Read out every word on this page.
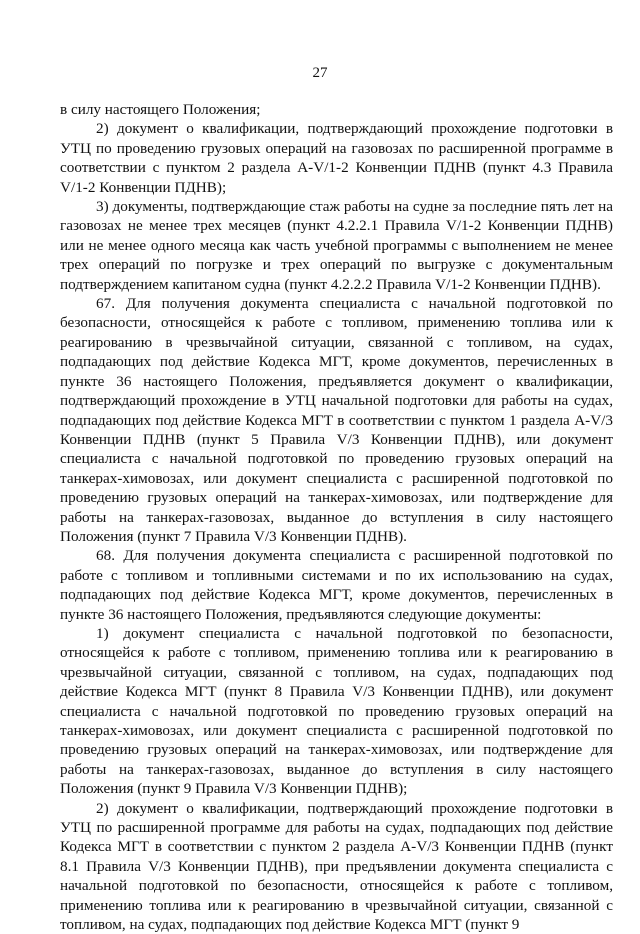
27

в силу настоящего Положения;

2) документ о квалификации, подтверждающий прохождение подготовки в УТЦ по проведению грузовых операций на газовозах по расширенной программе в соответствии с пунктом 2 раздела A-V/1-2 Конвенции ПДНВ (пункт 4.3 Правила V/1-2 Конвенции ПДНВ);

3) документы, подтверждающие стаж работы на судне за последние пять лет на газовозах не менее трех месяцев (пункт 4.2.2.1 Правила V/1-2 Конвенции ПДНВ) или не менее одного месяца как часть учебной программы с выполнением не менее трех операций по погрузке и трех операций по выгрузке с документальным подтверждением капитаном судна (пункт 4.2.2.2 Правила V/1-2 Конвенции ПДНВ).

67. Для получения документа специалиста с начальной подготовкой по безопасности, относящейся к работе с топливом, применению топлива или к реагированию в чрезвычайной ситуации, связанной с топливом, на судах, подпадающих под действие Кодекса МГТ, кроме документов, перечисленных в пункте 36 настоящего Положения, предъявляется документ о квалификации, подтверждающий прохождение в УТЦ начальной подготовки для работы на судах, подпадающих под действие Кодекса МГТ в соответствии с пунктом 1 раздела A-V/3 Конвенции ПДНВ (пункт 5 Правила V/3 Конвенции ПДНВ), или документ специалиста с начальной подготовкой по проведению грузовых операций на танкерах-химовозах, или документ специалиста с расширенной подготовкой по проведению грузовых операций на танкерах-химовозах, или подтверждение для работы на танкерах-газовозах, выданное до вступления в силу настоящего Положения (пункт 7 Правила V/3 Конвенции ПДНВ).

68. Для получения документа специалиста с расширенной подготовкой по работе с топливом и топливными системами и по их использованию на судах, подпадающих под действие Кодекса МГТ, кроме документов, перечисленных в пункте 36 настоящего Положения, предъявляются следующие документы:

1) документ специалиста с начальной подготовкой по безопасности, относящейся к работе с топливом, применению топлива или к реагированию в чрезвычайной ситуации, связанной с топливом, на судах, подпадающих под действие Кодекса МГТ (пункт 8 Правила V/3 Конвенции ПДНВ), или документ специалиста с начальной подготовкой по проведению грузовых операций на танкерах-химовозах, или документ специалиста с расширенной подготовкой по проведению грузовых операций на танкерах-химовозах, или подтверждение для работы на танкерах-газовозах, выданное до вступления в силу настоящего Положения (пункт 9 Правила V/3 Конвенции ПДНВ);

2) документ о квалификации, подтверждающий прохождение подготовки в УТЦ по расширенной программе для работы на судах, подпадающих под действие Кодекса МГТ в соответствии с пунктом 2 раздела A-V/3 Конвенции ПДНВ (пункт 8.1 Правила V/3 Конвенции ПДНВ), при предъявлении документа специалиста с начальной подготовкой по безопасности, относящейся к работе с топливом, применению топлива или к реагированию в чрезвычайной ситуации, связанной с топливом, на судах, подпадающих под действие Кодекса МГТ (пункт 9
